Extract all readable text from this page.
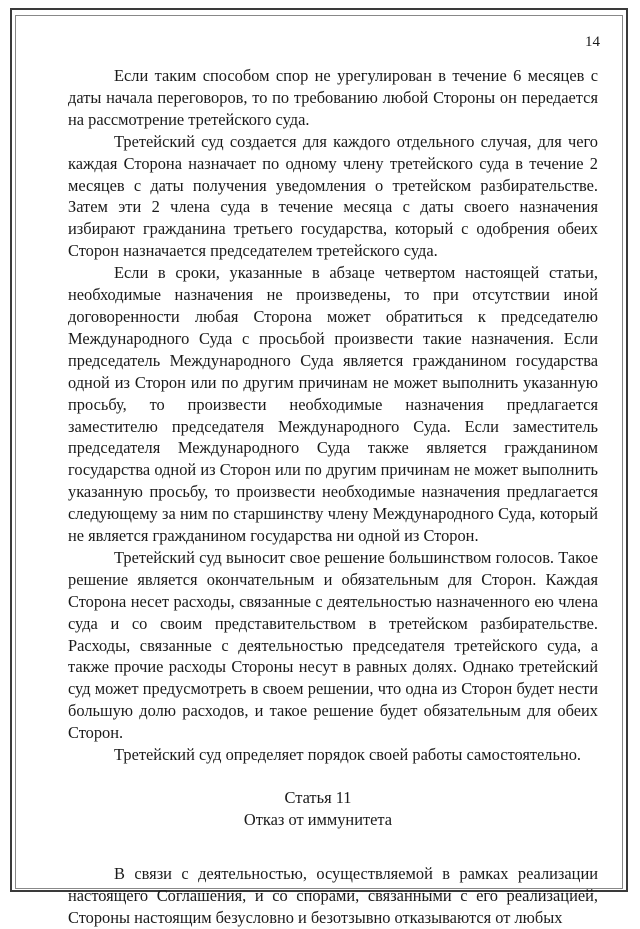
14

Если таким способом спор не урегулирован в течение 6 месяцев с даты начала переговоров, то по требованию любой Стороны он передается на рассмотрение третейского суда.

Третейский суд создается для каждого отдельного случая, для чего каждая Сторона назначает по одному члену третейского суда в течение 2 месяцев с даты получения уведомления о третейском разбирательстве. Затем эти 2 члена суда в течение месяца с даты своего назначения избирают гражданина третьего государства, который с одобрения обеих Сторон назначается председателем третейского суда.

Если в сроки, указанные в абзаце четвертом настоящей статьи, необходимые назначения не произведены, то при отсутствии иной договоренности любая Сторона может обратиться к председателю Международного Суда с просьбой произвести такие назначения. Если председатель Международного Суда является гражданином государства одной из Сторон или по другим причинам не может выполнить указанную просьбу, то произвести необходимые назначения предлагается заместителю председателя Международного Суда. Если заместитель председателя Международного Суда также является гражданином государства одной из Сторон или по другим причинам не может выполнить указанную просьбу, то произвести необходимые назначения предлагается следующему за ним по старшинству члену Международного Суда, который не является гражданином государства ни одной из Сторон.

Третейский суд выносит свое решение большинством голосов. Такое решение является окончательным и обязательным для Сторон. Каждая Сторона несет расходы, связанные с деятельностью назначенного ею члена суда и со своим представительством в третейском разбирательстве. Расходы, связанные с деятельностью председателя третейского суда, а также прочие расходы Стороны несут в равных долях. Однако третейский суд может предусмотреть в своем решении, что одна из Сторон будет нести большую долю расходов, и такое решение будет обязательным для обеих Сторон.

Третейский суд определяет порядок своей работы самостоятельно.

Статья 11
Отказ от иммунитета

В связи с деятельностью, осуществляемой в рамках реализации настоящего Соглашения, и со спорами, связанными с его реализацией, Стороны настоящим безусловно и безотзывно отказываются от любых
